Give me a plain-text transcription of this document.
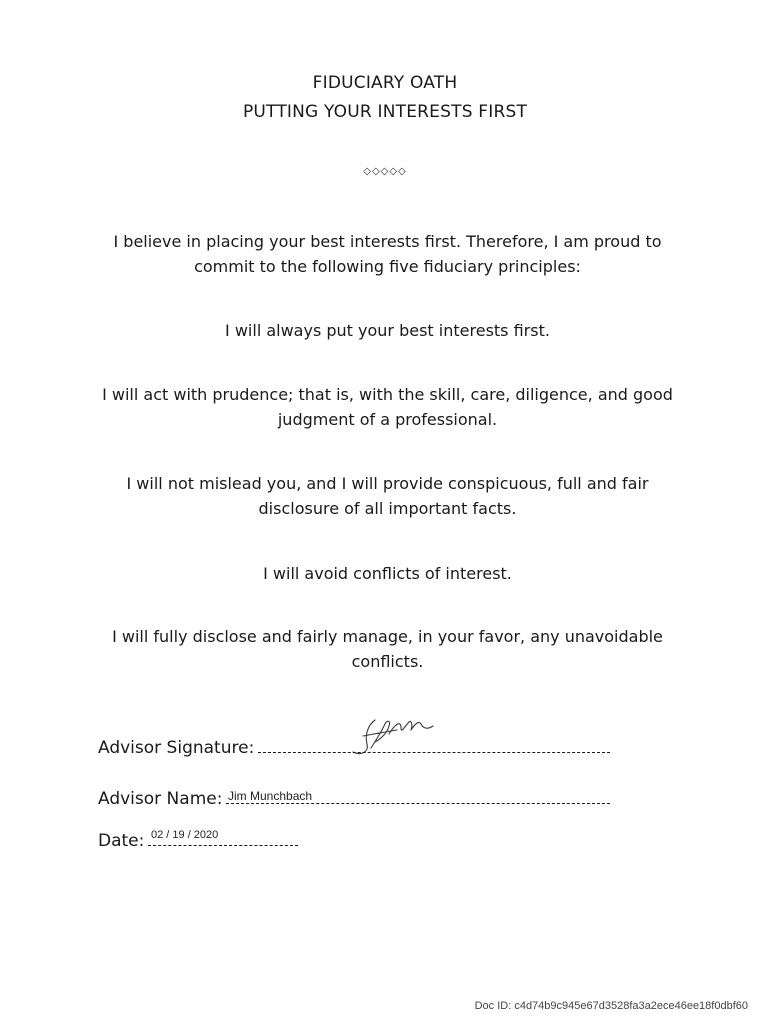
FIDUCIARY OATH
PUTTING YOUR INTERESTS FIRST
◇◇◇◇◇
I believe in placing your best interests first. Therefore, I am proud to commit to the following five fiduciary principles:
I will always put your best interests first.
I will act with prudence; that is, with the skill, care, diligence, and good judgment of a professional.
I will not mislead you, and I will provide conspicuous, full and fair disclosure of all important facts.
I will avoid conflicts of interest.
I will fully disclose and fairly manage, in your favor, any unavoidable conflicts.
Advisor Signature:
Jim Munchbach
Advisor Name:
02 / 19 / 2020
Date:
Doc ID: c4d74b9c945e67d3528fa3a2ece46ee18f0dbf60
